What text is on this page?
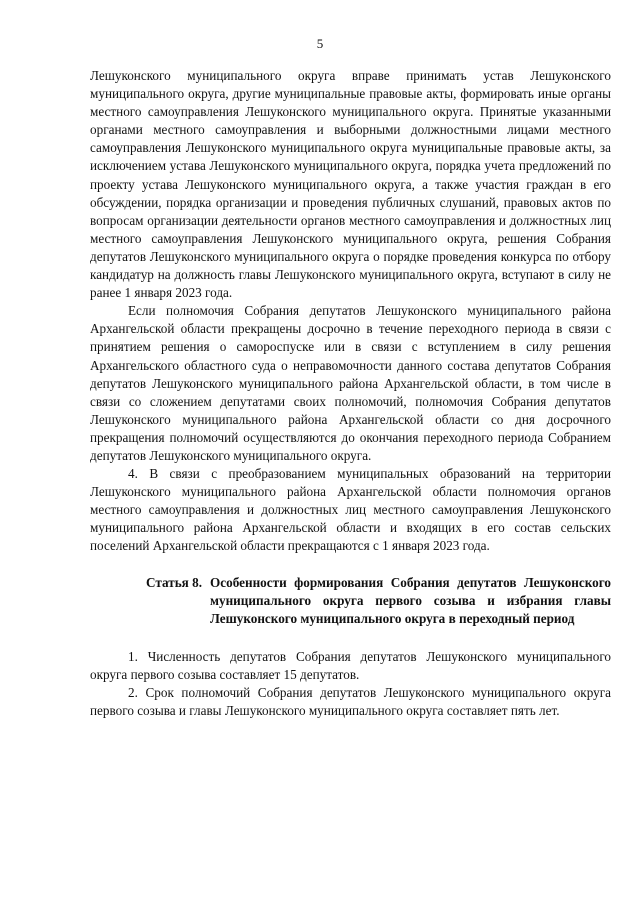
5

Лешуконского муниципального округа вправе принимать устав Лешуконского муниципального округа, другие муниципальные правовые акты, формировать иные органы местного самоуправления Лешуконского муниципального округа. Принятые указанными органами местного самоуправления и выборными должностными лицами местного самоуправления Лешуконского муниципального округа муниципальные правовые акты, за исключением устава Лешуконского муниципального округа, порядка учета предложений по проекту устава Лешуконского муниципального округа, а также участия граждан в его обсуждении, порядка организации и проведения публичных слушаний, правовых актов по вопросам организации деятельности органов местного самоуправления и должностных лиц местного самоуправления Лешуконского муниципального округа, решения Собрания депутатов Лешуконского муниципального округа о порядке проведения конкурса по отбору кандидатур на должность главы Лешуконского муниципального округа, вступают в силу не ранее 1 января 2023 года.

Если полномочия Собрания депутатов Лешуконского муниципального района Архангельской области прекращены досрочно в течение переходного периода в связи с принятием решения о самороспуске или в связи с вступлением в силу решения Архангельского областного суда о неправомочности данного состава депутатов Собрания депутатов Лешуконского муниципального района Архангельской области, в том числе в связи со сложением депутатами своих полномочий, полномочия Собрания депутатов Лешуконского муниципального района Архангельской области со дня досрочного прекращения полномочий осуществляются до окончания переходного периода Собранием депутатов Лешуконского муниципального округа.

4. В связи с преобразованием муниципальных образований на территории Лешуконского муниципального района Архангельской области полномочия органов местного самоуправления и должностных лиц местного самоуправления Лешуконского муниципального района Архангельской области и входящих в его состав сельских поселений Архангельской области прекращаются с 1 января 2023 года.

Статья 8. Особенности формирования Собрания депутатов Лешуконского муниципального округа первого созыва и избрания главы Лешуконского муниципального округа в переходный период

1. Численность депутатов Собрания депутатов Лешуконского муниципального округа первого созыва составляет 15 депутатов.

2. Срок полномочий Собрания депутатов Лешуконского муниципального округа первого созыва и главы Лешуконского муниципального округа составляет пять лет.
